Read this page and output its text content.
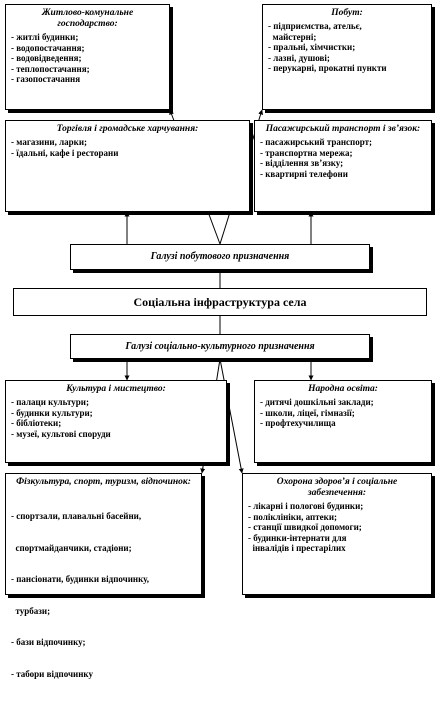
Житлово-комунальне господарство:
- житлі будинки;
- водопостачання;
- водовідведення;
- теплопостачання;
- газопостачання
Побут:
- підприємства, ательє,
майстерні;
- пральні, хімчистки;
- лазні, душові;
- перукарні, прокатні пункти
Торгівля і громадське харчування:
- магазини, ларки;
- їдальні, кафе і ресторани
Пасажирський транспорт і зв’язок:
- пасажирський транспорт;
- транспортна мережа;
- відділення зв’язку;
- квартирні телефони
Галузі побутового призначення
Соціальна інфраструктура села
Галузі соціально-культурного призначення
Культура і мистецтво:
- палаци культури;
- будинки культури;
- бібліотеки;
- музеї, культові споруди
Народна освіта:
- дитячі дошкільні заклади;
- школи, ліцеї, гімназії;
- профтехучилища
Фізкультура, спорт, туризм, відпочинок:

- спортзали, плавальні басейни,

спортмайданчики, стадіони;

- пансіонати, будинки відпочинку,

турбази;

- бази відпочинку;

- табори відпочинку

Охорона здоров’я і соціальне забезпечення:
- лікарні і пологові будинки;
- поліклініки, аптеки;
- станції швидкої допомоги;
- будинки-інтернати для
інвалідів і престарілих
